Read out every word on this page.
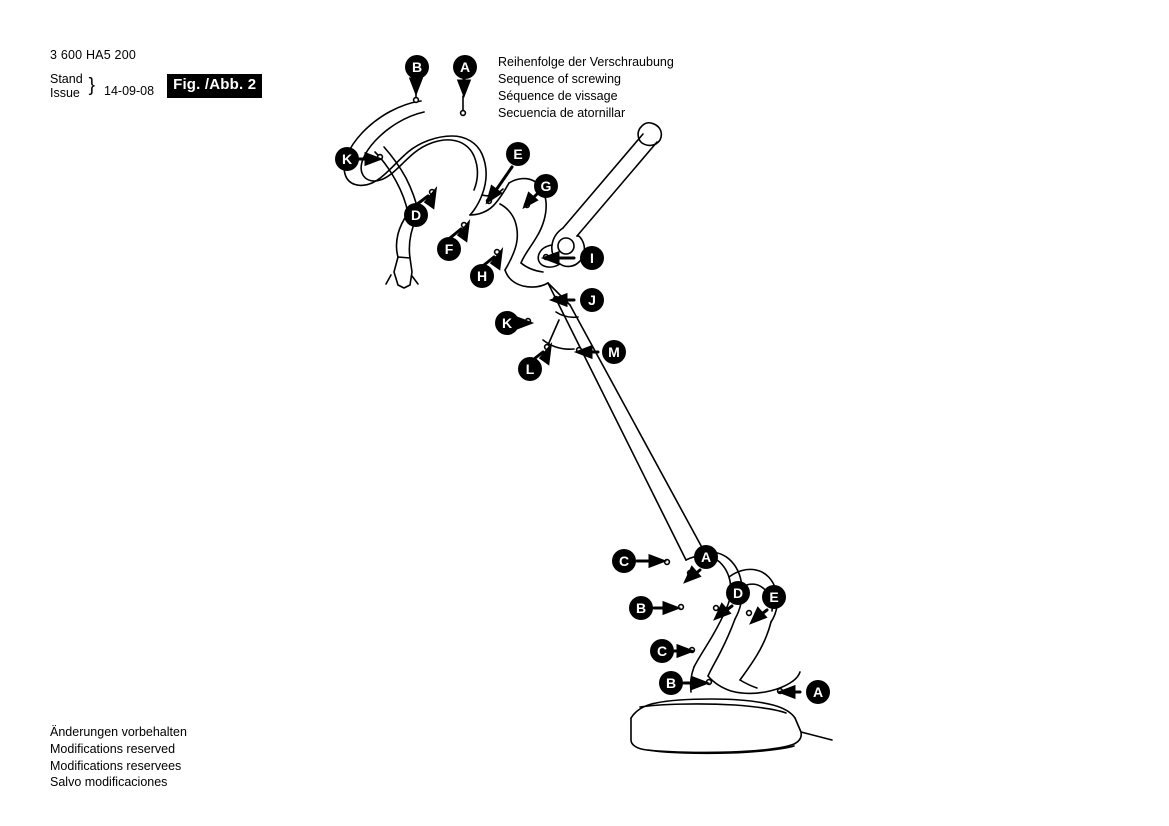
3 600 HA5 200
Stand
Issue } 14-09-08	Fig. /Abb. 2
Reihenfolge der Verschraubung
Sequence of screwing
Séquence de vissage
Secuencia de atornillar
Änderungen vorbehalten
Modifications reserved
Modifications reservees
Salvo modificaciones
B	A
K	E
G
D
F
I
H
J
K
M
L
C	A
B
D	E
C
B
A
